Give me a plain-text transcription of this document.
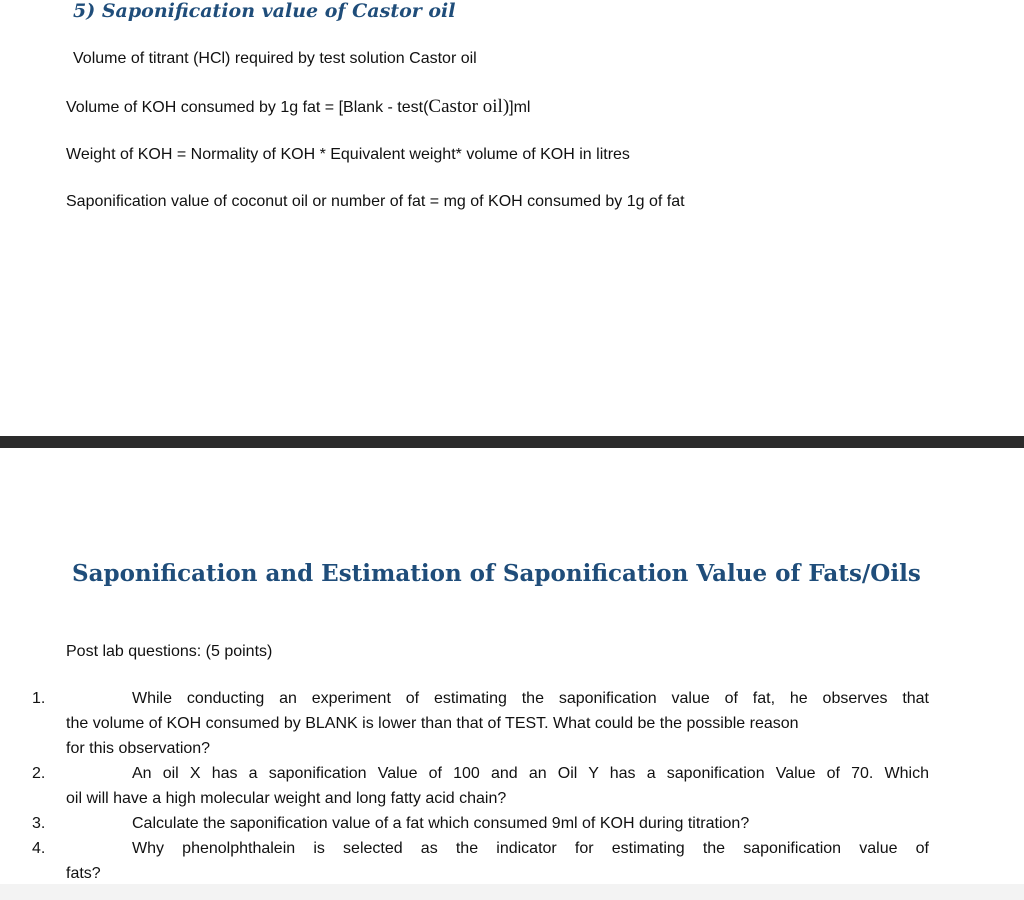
5) Saponification value of Castor oil
Volume of titrant (HCl) required by test solution Castor oil
Volume of KOH consumed by 1g fat = [Blank - test(Castor oil)]ml
Weight of KOH = Normality of KOH * Equivalent weight* volume of KOH in litres
Saponification value of coconut oil or number of fat = mg of KOH consumed by 1g of fat
Saponification and Estimation of Saponification Value of Fats/Oils
Post lab questions: (5 points)
1.	While conducting an experiment of estimating the saponification value of fat, he observes that
the volume of KOH consumed by BLANK is lower than that of TEST. What could be the possible reason
for this observation?
2.	An oil X has a saponification Value of 100 and an Oil Y has a saponification Value of 70. Which
oil will have a high molecular weight and long fatty acid chain?
3.	Calculate the saponification value of a fat which consumed 9ml of KOH during titration?
4.	Why phenolphthalein is selected as the indicator for estimating the saponification value of
fats?
